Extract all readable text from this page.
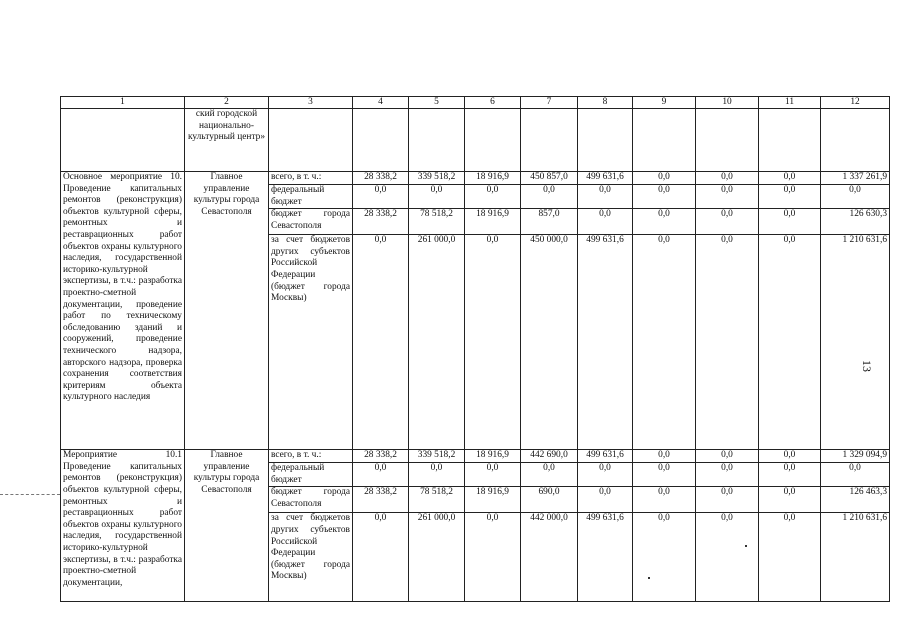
1	2	3	4	5	6	7	8	9	10	11	12
	ский городской национально-культурный центр»										
Основное мероприятие 10. Проведение капитальных ремонтов (реконструкция) объектов культурной сферы, ремонтных и реставрационных работ объектов охраны культурного наследия, государственной историко-культурной экспертизы, в т.ч.: разработка проектно-сметной документации, проведение работ по техническому обследованию зданий и сооружений, проведение технического надзора, авторского надзора, проверка сохранения соответствия критериям объекта культурного наследия	Главное управление культуры города Севастополя	всего, в т. ч.:	28 338,2	339 518,2	18 916,9	450 857,0	499 631,6	0,0	0,0	0,0	1 337 261,9
		федеральный бюджет	0,0	0,0	0,0	0,0	0,0	0,0	0,0	0,0	0,0
		бюджет города Севастополя	28 338,2	78 518,2	18 916,9	857,0	0,0	0,0	0,0	0,0	126 630,3
		за счет бюджетов других субъектов Российской Федерации (бюджет города Москвы)	0,0	261 000,0	0,0	450 000,0	499 631,6	0,0	0,0	0,0	1 210 631,6
Мероприятие 10.1 Проведение капитальных ремонтов (реконструкция) объектов культурной сферы, ремонтных и реставрационных работ объектов охраны культурного наследия, государственной историко-культурной экспертизы, в т.ч.: разработка проектно-сметной документации,	Главное управление культуры города Севастополя	всего, в т. ч.:	28 338,2	339 518,2	18 916,9	442 690,0	499 631,6	0,0	0,0	0,0	1 329 094,9
		федеральный бюджет	0,0	0,0	0,0	0,0	0,0	0,0	0,0	0,0	0,0
		бюджет города Севастополя	28 338,2	78 518,2	18 916,9	690,0	0,0	0,0	0,0	0,0	126 463,3
		за счет бюджетов других субъектов Российской Федерации (бюджет города Москвы)	0,0	261 000,0	0,0	442 000,0	499 631,6	0,0	0,0	0,0	1 210 631,6
13
